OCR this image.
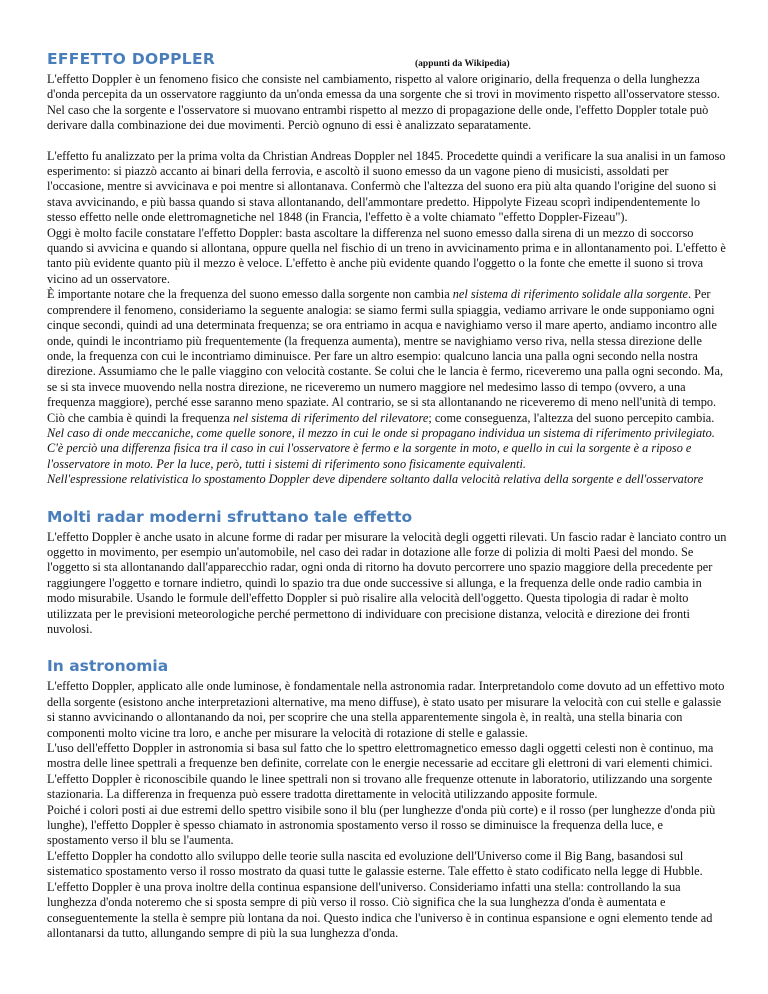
EFFETTO DOPPLER	(appunti da Wikipedia)

L'effetto Doppler è un fenomeno fisico che consiste nel cambiamento, rispetto al valore originario, della frequenza o della lunghezza d'onda percepita da un osservatore raggiunto da un'onda emessa da una sorgente che si trovi in movimento rispetto all'osservatore stesso.

Nel caso che la sorgente e l'osservatore si muovano entrambi rispetto al mezzo di propagazione delle onde, l'effetto Doppler totale può derivare dalla combinazione dei due movimenti. Perciò ognuno di essi è analizzato separatamente.

L'effetto fu analizzato per la prima volta da Christian Andreas Doppler nel 1845. Procedette quindi a verificare la sua analisi in un famoso esperimento: si piazzò accanto ai binari della ferrovia, e ascoltò il suono emesso da un vagone pieno di musicisti, assoldati per l'occasione, mentre si avvicinava e poi mentre si allontanava. Confermò che l'altezza del suono era più alta quando l'origine del suono si stava avvicinando, e più bassa quando si stava allontanando, dell'ammontare predetto. Hippolyte Fizeau scoprì indipendentemente lo stesso effetto nelle onde elettromagnetiche nel 1848 (in Francia, l'effetto è a volte chiamato "effetto Doppler-Fizeau").

Oggi è molto facile constatare l'effetto Doppler: basta ascoltare la differenza nel suono emesso dalla sirena di un mezzo di soccorso quando si avvicina e quando si allontana, oppure quella nel fischio di un treno in avvicinamento prima e in allontanamento poi. L'effetto è tanto più evidente quanto più il mezzo è veloce. L'effetto è anche più evidente quando l'oggetto o la fonte che emette il suono si trova vicino ad un osservatore.

È importante notare che la frequenza del suono emesso dalla sorgente non cambia nel sistema di riferimento solidale alla sorgente. Per comprendere il fenomeno, consideriamo la seguente analogia: se siamo fermi sulla spiaggia, vediamo arrivare le onde supponiamo ogni cinque secondi, quindi ad una determinata frequenza; se ora entriamo in acqua e navighiamo verso il mare aperto, andiamo incontro alle onde, quindi le incontriamo più frequentemente (la frequenza aumenta), mentre se navighiamo verso riva, nella stessa direzione delle onde, la frequenza con cui le incontriamo diminuisce. Per fare un altro esempio: qualcuno lancia una palla ogni secondo nella nostra direzione. Assumiamo che le palle viaggino con velocità costante. Se colui che le lancia è fermo, riceveremo una palla ogni secondo. Ma, se si sta invece muovendo nella nostra direzione, ne riceveremo un numero maggiore nel medesimo lasso di tempo (ovvero, a una frequenza maggiore), perché esse saranno meno spaziate. Al contrario, se si sta allontanando ne riceveremo di meno nell'unità di tempo. Ciò che cambia è quindi la frequenza nel sistema di riferimento del rilevatore; come conseguenza, l'altezza del suono percepito cambia.

Nel caso di onde meccaniche, come quelle sonore, il mezzo in cui le onde si propagano individua un sistema di riferimento privilegiato. C'è perciò una differenza fisica tra il caso in cui l'osservatore è fermo e la sorgente in moto, e quello in cui la sorgente è a riposo e l'osservatore in moto. Per la luce, però, tutti i sistemi di riferimento sono fisicamente equivalenti.

Nell'espressione relativistica lo spostamento Doppler deve dipendere soltanto dalla velocità relativa della sorgente e dell'osservatore

Molti radar moderni sfruttano tale effetto

L'effetto Doppler è anche usato in alcune forme di radar per misurare la velocità degli oggetti rilevati. Un fascio radar è lanciato contro un oggetto in movimento, per esempio un'automobile, nel caso dei radar in dotazione alle forze di polizia di molti Paesi del mondo. Se l'oggetto si sta allontanando dall'apparecchio radar, ogni onda di ritorno ha dovuto percorrere uno spazio maggiore della precedente per raggiungere l'oggetto e tornare indietro, quindi lo spazio tra due onde successive si allunga, e la frequenza delle onde radio cambia in modo misurabile. Usando le formule dell'effetto Doppler si può risalire alla velocità dell'oggetto. Questa tipologia di radar è molto utilizzata per le previsioni meteorologiche perché permettono di individuare con precisione distanza, velocità e direzione dei fronti nuvolosi.

In astronomia

L'effetto Doppler, applicato alle onde luminose, è fondamentale nella astronomia radar. Interpretandolo come dovuto ad un effettivo moto della sorgente (esistono anche interpretazioni alternative, ma meno diffuse), è stato usato per misurare la velocità con cui stelle e galassie si stanno avvicinando o allontanando da noi, per scoprire che una stella apparentemente singola è, in realtà, una stella binaria con componenti molto vicine tra loro, e anche per misurare la velocità di rotazione di stelle e galassie.

L'uso dell'effetto Doppler in astronomia si basa sul fatto che lo spettro elettromagnetico emesso dagli oggetti celesti non è continuo, ma mostra delle linee spettrali a frequenze ben definite, correlate con le energie necessarie ad eccitare gli elettroni di vari elementi chimici. L'effetto Doppler è riconoscibile quando le linee spettrali non si trovano alle frequenze ottenute in laboratorio, utilizzando una sorgente stazionaria. La differenza in frequenza può essere tradotta direttamente in velocità utilizzando apposite formule.

Poiché i colori posti ai due estremi dello spettro visibile sono il blu (per lunghezze d'onda più corte) e il rosso (per lunghezze d'onda più lunghe), l'effetto Doppler è spesso chiamato in astronomia spostamento verso il rosso se diminuisce la frequenza della luce, e spostamento verso il blu se l'aumenta.

L'effetto Doppler ha condotto allo sviluppo delle teorie sulla nascita ed evoluzione dell'Universo come il Big Bang, basandosi sul sistematico spostamento verso il rosso mostrato da quasi tutte le galassie esterne. Tale effetto è stato codificato nella legge di Hubble.

L'effetto Doppler è una prova inoltre della continua espansione dell'universo. Consideriamo infatti una stella: controllando la sua lunghezza d'onda noteremo che si sposta sempre di più verso il rosso. Ciò significa che la sua lunghezza d'onda è aumentata e conseguentemente la stella è sempre più lontana da noi. Questo indica che l'universo è in continua espansione e ogni elemento tende ad allontanarsi da tutto, allungando sempre di più la sua lunghezza d'onda.
